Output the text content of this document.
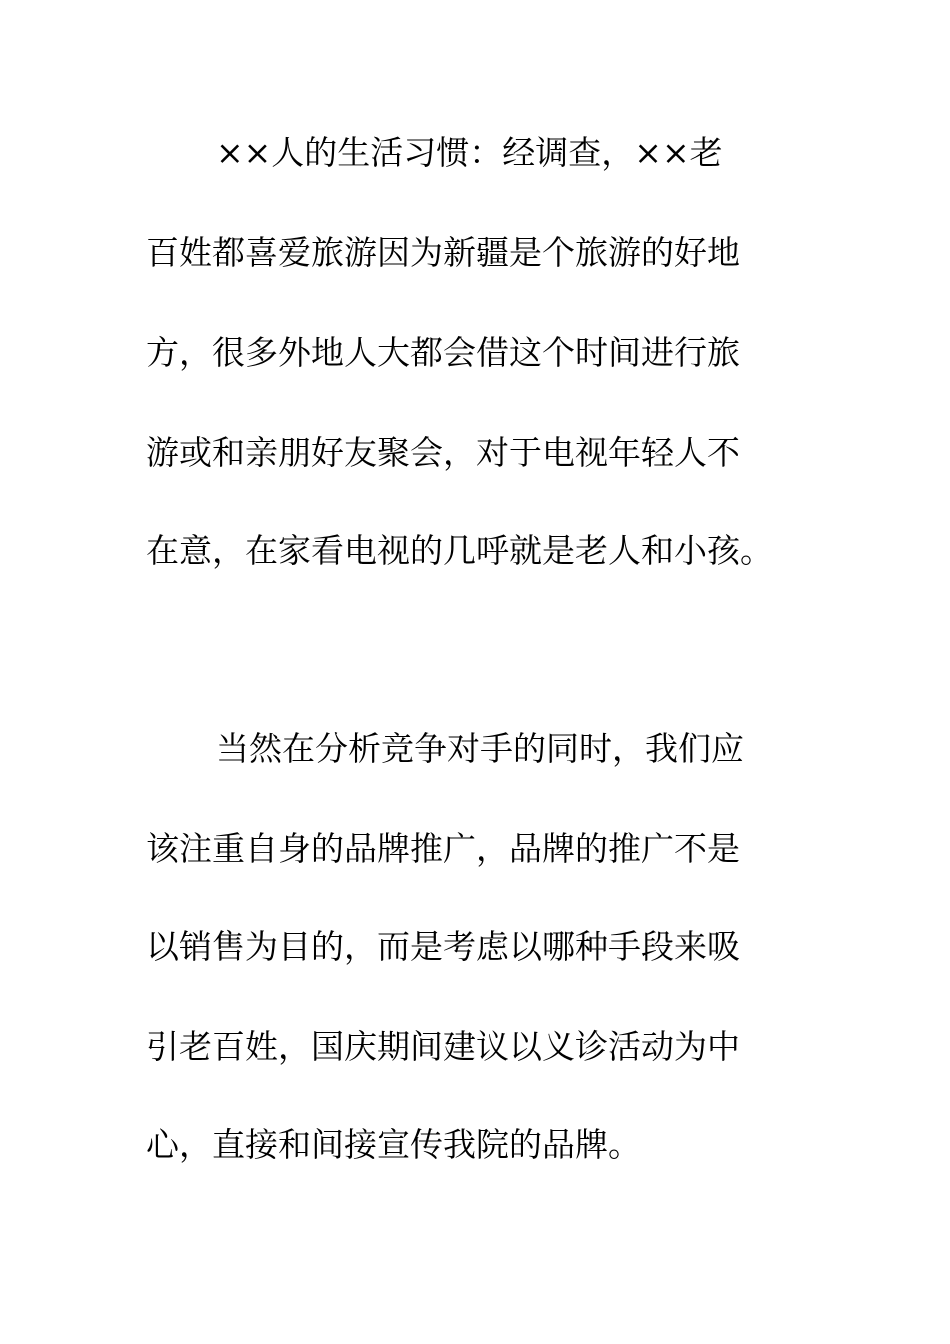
××人的生活习惯：经调查，××老
百姓都喜爱旅游因为新疆是个旅游的好地
方，很多外地人大都会借这个时间进行旅
游或和亲朋好友聚会，对于电视年轻人不
在意，在家看电视的几呼就是老人和小孩。
当然在分析竞争对手的同时，我们应
该注重自身的品牌推广，品牌的推广不是
以销售为目的，而是考虑以哪种手段来吸
引老百姓，国庆期间建议以义诊活动为中
心，直接和间接宣传我院的品牌。
